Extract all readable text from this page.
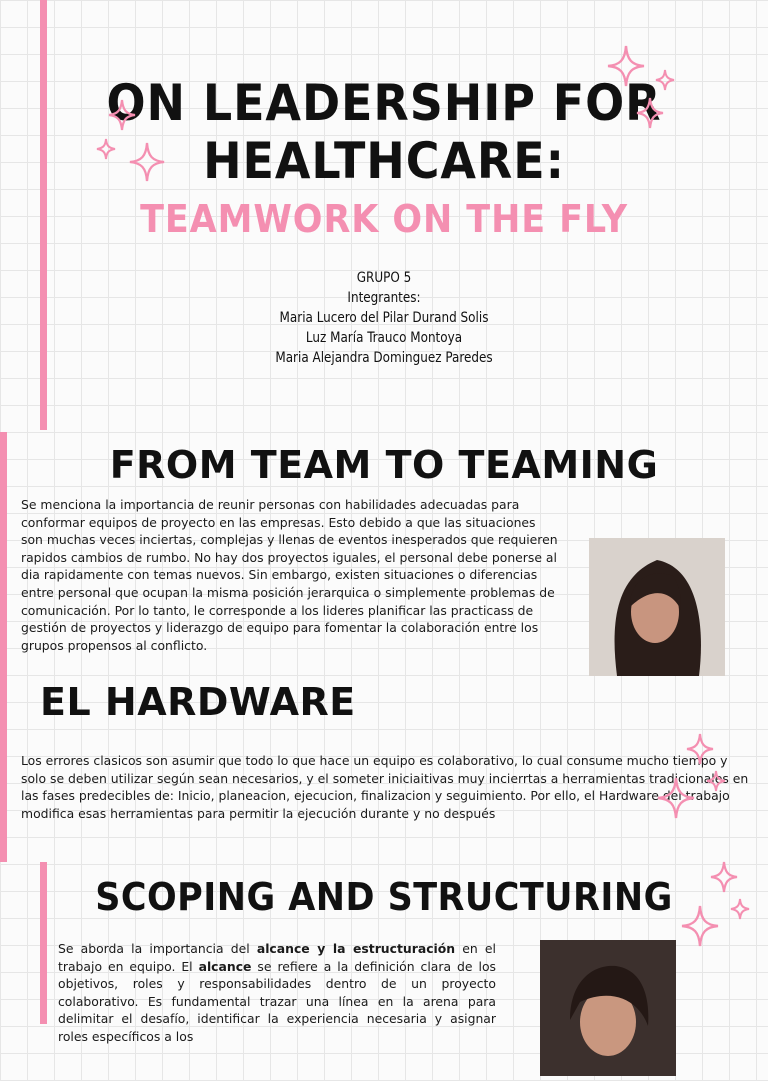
ON LEADERSHIP FOR
HEALTHCARE:
TEAMWORK ON THE FLY
GRUPO 5
Integrantes:
Maria Lucero del Pilar Durand Solis
Luz María Trauco Montoya
Maria Alejandra Dominguez Paredes
FROM TEAM TO TEAMING
Se menciona la importancia de reunir personas con habilidades adecuadas para conformar equipos de proyecto en las empresas. Esto debido a que las situaciones son muchas veces inciertas, complejas y llenas de eventos inesperados que requieren rapidos cambios de rumbo. No hay dos proyectos iguales, el personal debe ponerse al dia rapidamente con temas nuevos. Sin embargo, existen situaciones o diferencias entre personal que ocupan la misma posición jerarquica o simplemente problemas de comunicación. Por lo tanto, le corresponde a los lideres planificar las practicass de gestión de proyectos y liderazgo de equipo para fomentar la colaboración entre los grupos propensos al conflicto.
EL HARDWARE
Los errores clasicos son asumir que todo lo que hace un equipo es colaborativo, lo cual consume mucho tiempo y solo se deben utilizar según sean necesarios, y el someter iniciaitivas muy incierrtas a herramientas tradicionales en las fases predecibles de: Inicio, planeacion, ejecucion, finalizacion y seguimiento. Por ello, el Hardware del trabajo modifica esas herramientas para permitir la ejecución durante y no después
SCOPING AND STRUCTURING
Se aborda la importancia del alcance y la estructuración en el trabajo en equipo. El alcance se refiere a la definición clara de los objetivos, roles y responsabilidades dentro de un proyecto colaborativo. Es fundamental trazar una línea en la arena para delimitar el desafío, identificar la experiencia necesaria y asignar roles específicos a los
